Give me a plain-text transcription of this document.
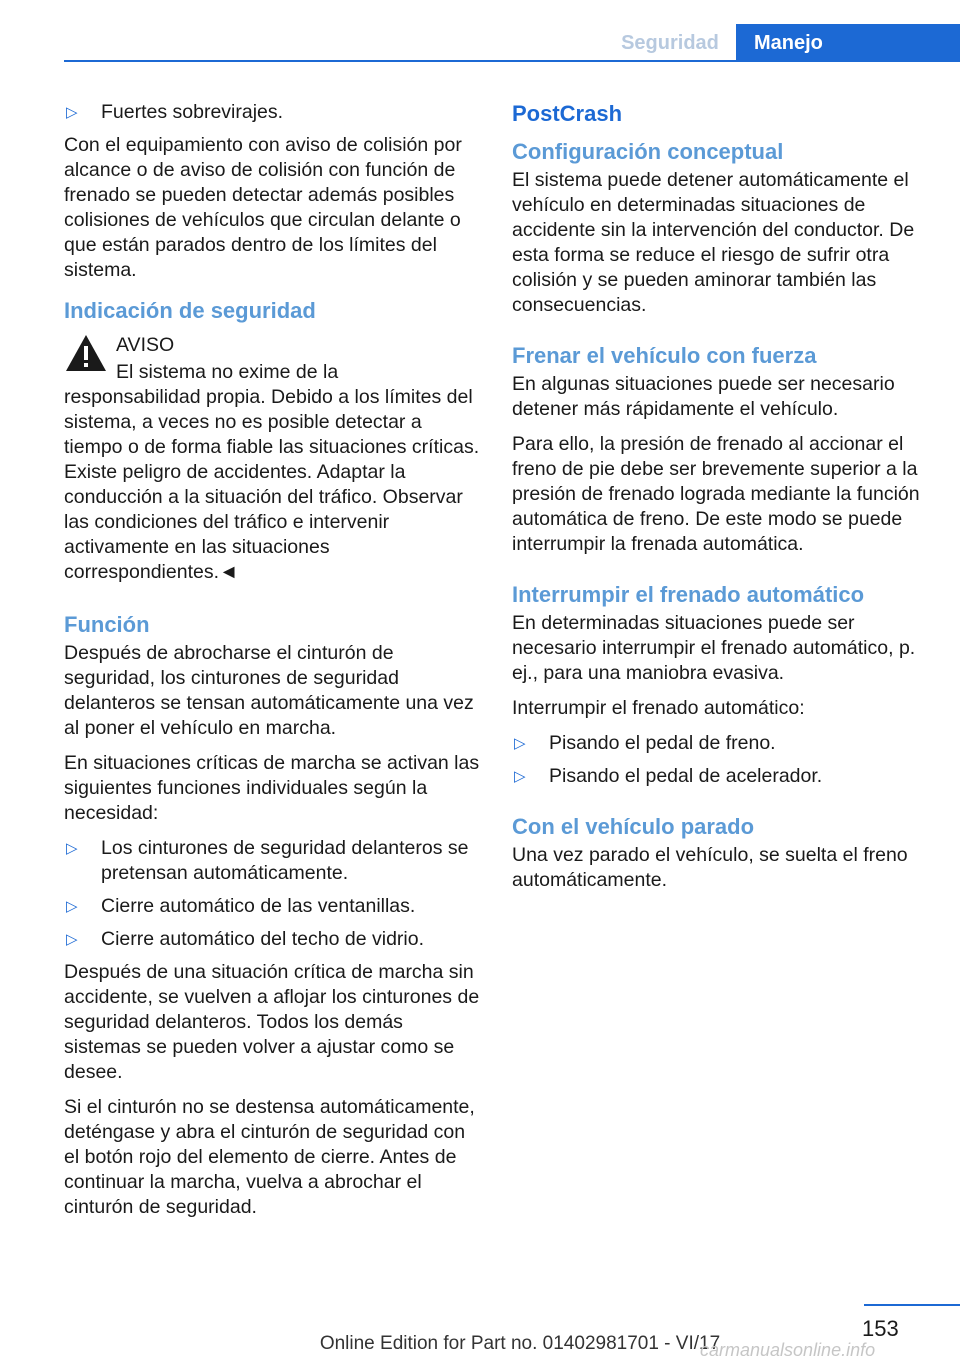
Seguridad	Manejo
▷	Fuertes sobrevirajes.

Con el equipamiento con aviso de colisión por alcance o de aviso de colisión con función de frenado se pueden detectar además posibles colisiones de vehículos que circulan delante o que están parados dentro de los límites del sistema.

Indicación de seguridad

AVISO

El sistema no exime de la responsabilidad propia. Debido a los límites del sistema, a veces no es posible detectar a tiempo o de forma fiable las situaciones críticas. Existe peligro de accidentes. Adaptar la conducción a la situación del tráfico. Observar las condiciones del tráfico e intervenir activamente en las situaciones correspondientes.◄

Función

Después de abrocharse el cinturón de seguridad, los cinturones de seguridad delanteros se tensan automáticamente una vez al poner el vehículo en marcha.

En situaciones críticas de marcha se activan las siguientes funciones individuales según la necesidad:

▷	Los cinturones de seguridad delanteros se pretensan automáticamente.
▷	Cierre automático de las ventanillas.
▷	Cierre automático del techo de vidrio.

Después de una situación crítica de marcha sin accidente, se vuelven a aflojar los cinturones de seguridad delanteros. Todos los demás sistemas se pueden volver a ajustar como se desee.

Si el cinturón no se destensa automáticamente, deténgase y abra el cinturón de seguridad con el botón rojo del elemento de cierre. Antes de continuar la marcha, vuelva a abrochar el cinturón de seguridad.

PostCrash
Configuración conceptual

El sistema puede detener automáticamente el vehículo en determinadas situaciones de accidente sin la intervención del conductor. De esta forma se reduce el riesgo de sufrir otra colisión y se pueden aminorar también las consecuencias.

Frenar el vehículo con fuerza

En algunas situaciones puede ser necesario detener más rápidamente el vehículo.

Para ello, la presión de frenado al accionar el freno de pie debe ser brevemente superior a la presión de frenado lograda mediante la función automática de freno. De este modo se puede interrumpir la frenada automática.

Interrumpir el frenado automático

En determinadas situaciones puede ser necesario interrumpir el frenado automático, p. ej., para una maniobra evasiva.

Interrumpir el frenado automático:

▷	Pisando el pedal de freno.
▷	Pisando el pedal de acelerador.
Con el vehículo parado

Una vez parado el vehículo, se suelta el freno automáticamente.

153
Online Edition for Part no. 01402981701 - VI/17
carmanualsonline.info
